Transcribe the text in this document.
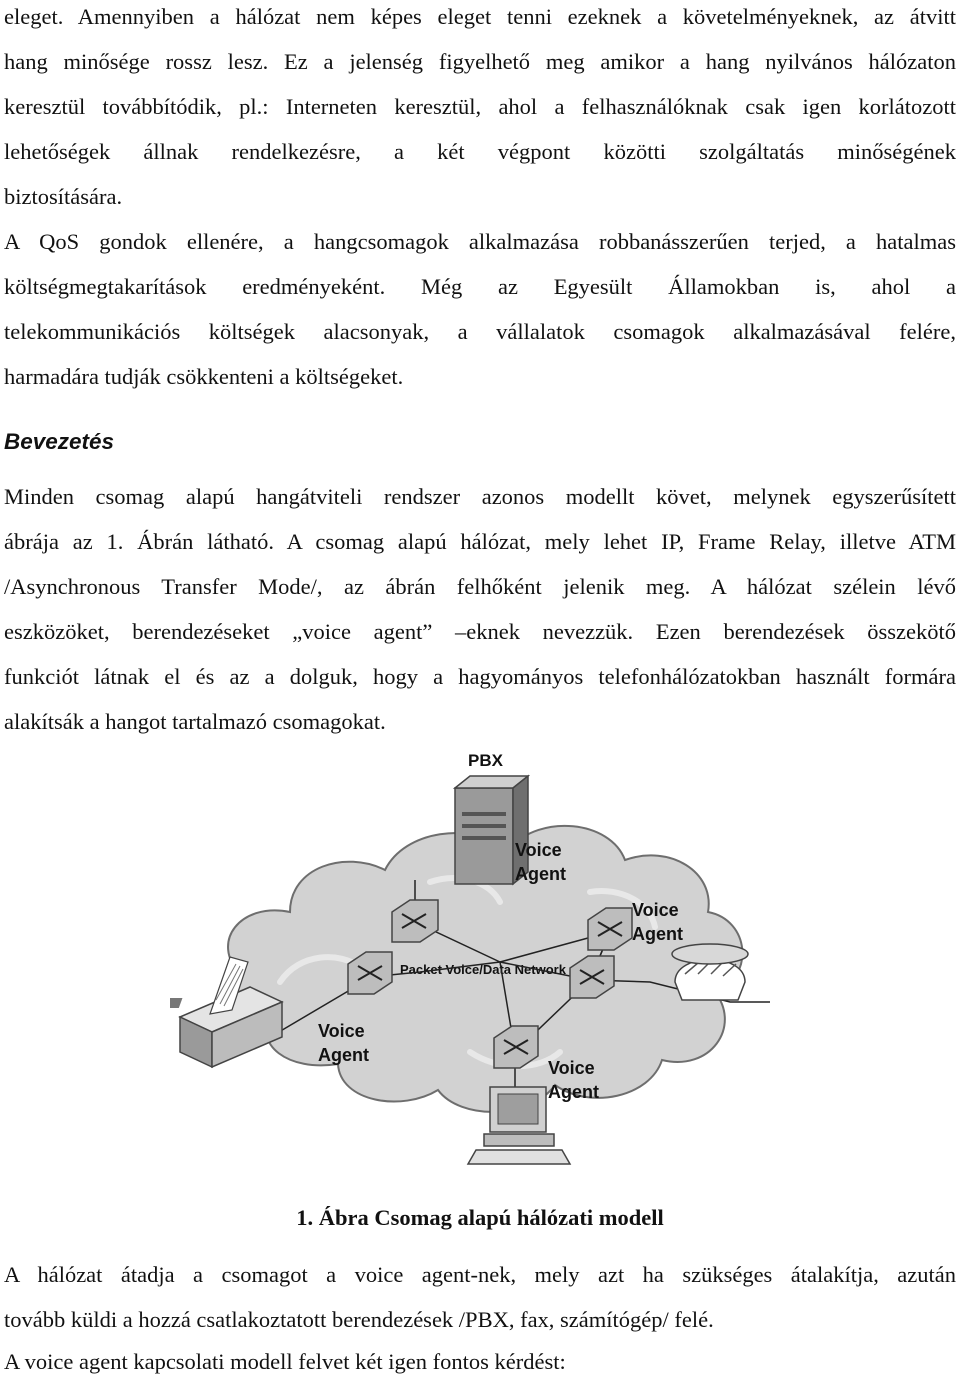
eleget. Amennyiben a hálózat nem képes eleget tenni ezeknek a követelményeknek, az átvitt
hang minősége rossz lesz. Ez a jelenség figyelhető meg amikor a hang nyilvános hálózaton
keresztül továbbítódik, pl.: Interneten keresztül, ahol a felhasználóknak csak igen korlátozott
lehetőségek állnak rendelkezésre, a két végpont közötti szolgáltatás minőségének
biztosítására.
A QoS gondok ellenére, a hangcsomagok alkalmazása robbanásszerűen terjed, a hatalmas
költségmegtakarítások eredményeként. Még az Egyesült Államokban is, ahol a
telekommunikációs költségek alacsonyak, a vállalatok csomagok alkalmazásával felére,
harmadára tudják csökkenteni a költségeket.
Bevezetés
Minden csomag alapú hangátviteli rendszer azonos modellt követ, melynek egyszerűsített
ábrája az 1. Ábrán látható. A csomag alapú hálózat, mely lehet IP, Frame Relay, illetve ATM
/Asynchronous Transfer Mode/, az ábrán felhőként jelenik meg. A hálózat szélein lévő
eszközöket, berendezéseket „voice agent” –eknek nevezzük. Ezen berendezések összekötő
funkciót látnak el és az a dolguk, hogy a hagyományos telefonhálózatokban használt formára
alakítsák a hangot tartalmazó csomagokat.
Packet Voice/Data Network
PBX
Voice
Agent
Voice
Agent
Voice
Agent
Voice
Agent
1. Ábra Csomag alapú hálózati modell
A hálózat átadja a csomagot a voice agent-nek, mely azt ha szükséges átalakítja, azután
tovább küldi a hozzá csatlakoztatott berendezések /PBX, fax, számítógép/ felé.
A voice agent kapcsolati modell felvet két igen fontos kérdést:
